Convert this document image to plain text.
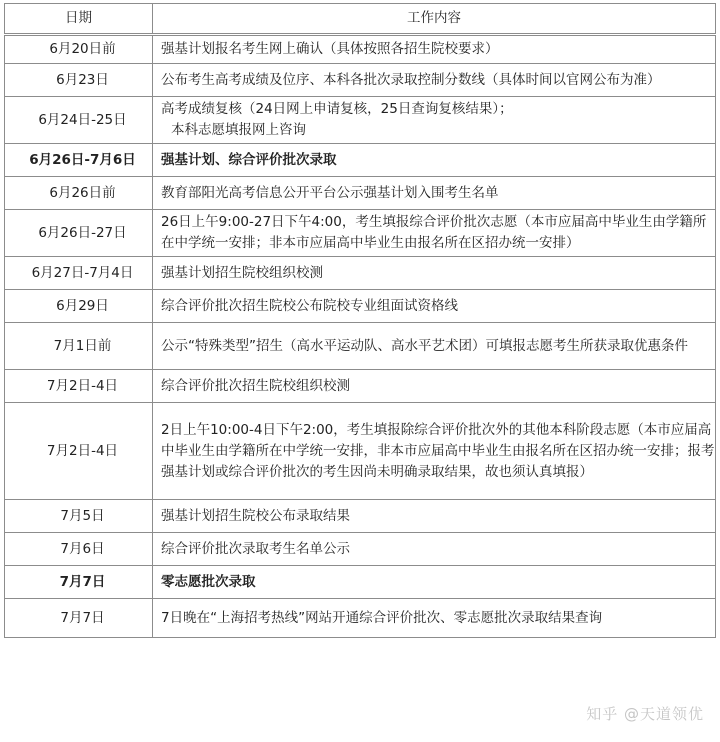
日期	工作内容
6月20日前	强基计划报名考生网上确认（具体按照各招生院校要求）
6月23日	公布考生高考成绩及位序、本科各批次录取控制分数线（具体时间以官网公布为准）
6月24日-25日	高考成绩复核（24日网上申请复核，25日查询复核结果）；
本科志愿填报网上咨询

6月26日-7月6日	强基计划、综合评价批次录取
6月26日前	教育部阳光高考信息公开平台公示强基计划入围考生名单
6月26日-27日	26日上午9:00-27日下午4:00，考生填报综合评价批次志愿（本市应届高中毕业生由学籍所在中学统一安排；非本市应届高中毕业生由报名所在区招办统一安排）
6月27日-7月4日	强基计划招生院校组织校测
6月29日	综合评价批次招生院校公布院校专业组面试资格线
7月1日前	公示“特殊类型”招生（高水平运动队、高水平艺术团）可填报志愿考生所获录取优惠条件
7月2日-4日	综合评价批次招生院校组织校测
7月2日-4日	2日上午10:00-4日下午2:00，考生填报除综合评价批次外的其他本科阶段志愿（本市应届高中毕业生由学籍所在中学统一安排，非本市应届高中毕业生由报名所在区招办统一安排；报考强基计划或综合评价批次的考生因尚未明确录取结果，故也须认真填报）
7月5日	强基计划招生院校公布录取结果
7月6日	综合评价批次录取考生名单公示
7月7日	零志愿批次录取
7月7日	7日晚在“上海招考热线”网站开通综合评价批次、零志愿批次录取结果查询
知乎 @天道领优
